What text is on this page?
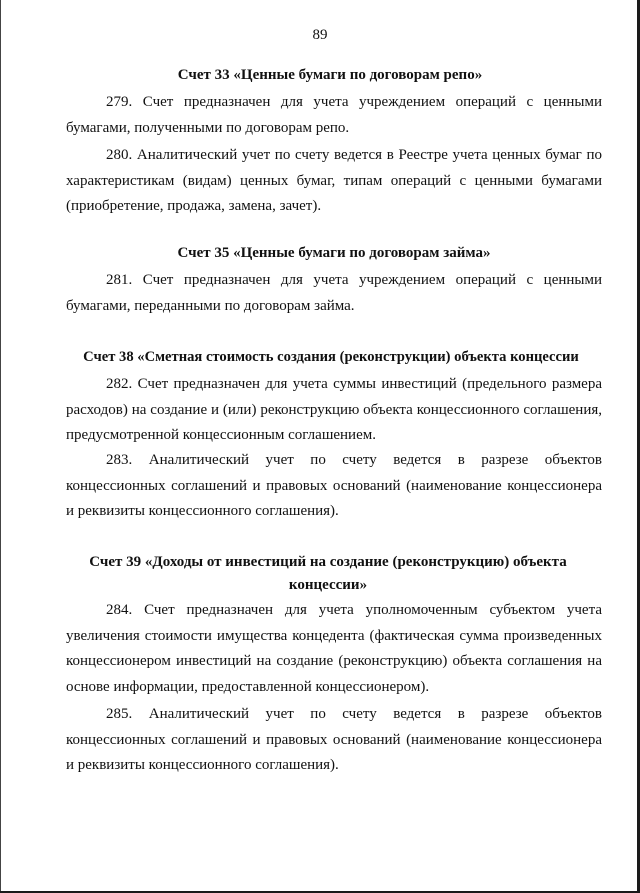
89
Счет 33 «Ценные бумаги по договорам репо»
279. Счет предназначен для учета учреждением операций с ценными бумагами, полученными по договорам репо.
280. Аналитический учет по счету ведется в Реестре учета ценных бумаг по характеристикам (видам) ценных бумаг, типам операций с ценными бумагами (приобретение, продажа, замена, зачет).
Счет 35 «Ценные бумаги по договорам займа»
281. Счет предназначен для учета учреждением операций с ценными бумагами, переданными по договорам займа.
Счет 38 «Сметная стоимость создания (реконструкции) объекта концессии
282. Счет предназначен для учета суммы инвестиций (предельного размера расходов) на создание и (или) реконструкцию объекта концессионного соглашения, предусмотренной концессионным соглашением.
283. Аналитический учет по счету ведется в разрезе объектов концессионных соглашений и правовых оснований (наименование концессионера и реквизиты концессионного соглашения).
Счет 39 «Доходы от инвестиций на создание (реконструкцию) объекта
концессии»
284. Счет предназначен для учета уполномоченным субъектом учета увеличения стоимости имущества концедента (фактическая сумма произведенных концессионером инвестиций на создание (реконструкцию) объекта соглашения на основе информации, предоставленной концессионером).
285. Аналитический учет по счету ведется в разрезе объектов концессионных соглашений и правовых оснований (наименование концессионера и реквизиты концессионного соглашения).
